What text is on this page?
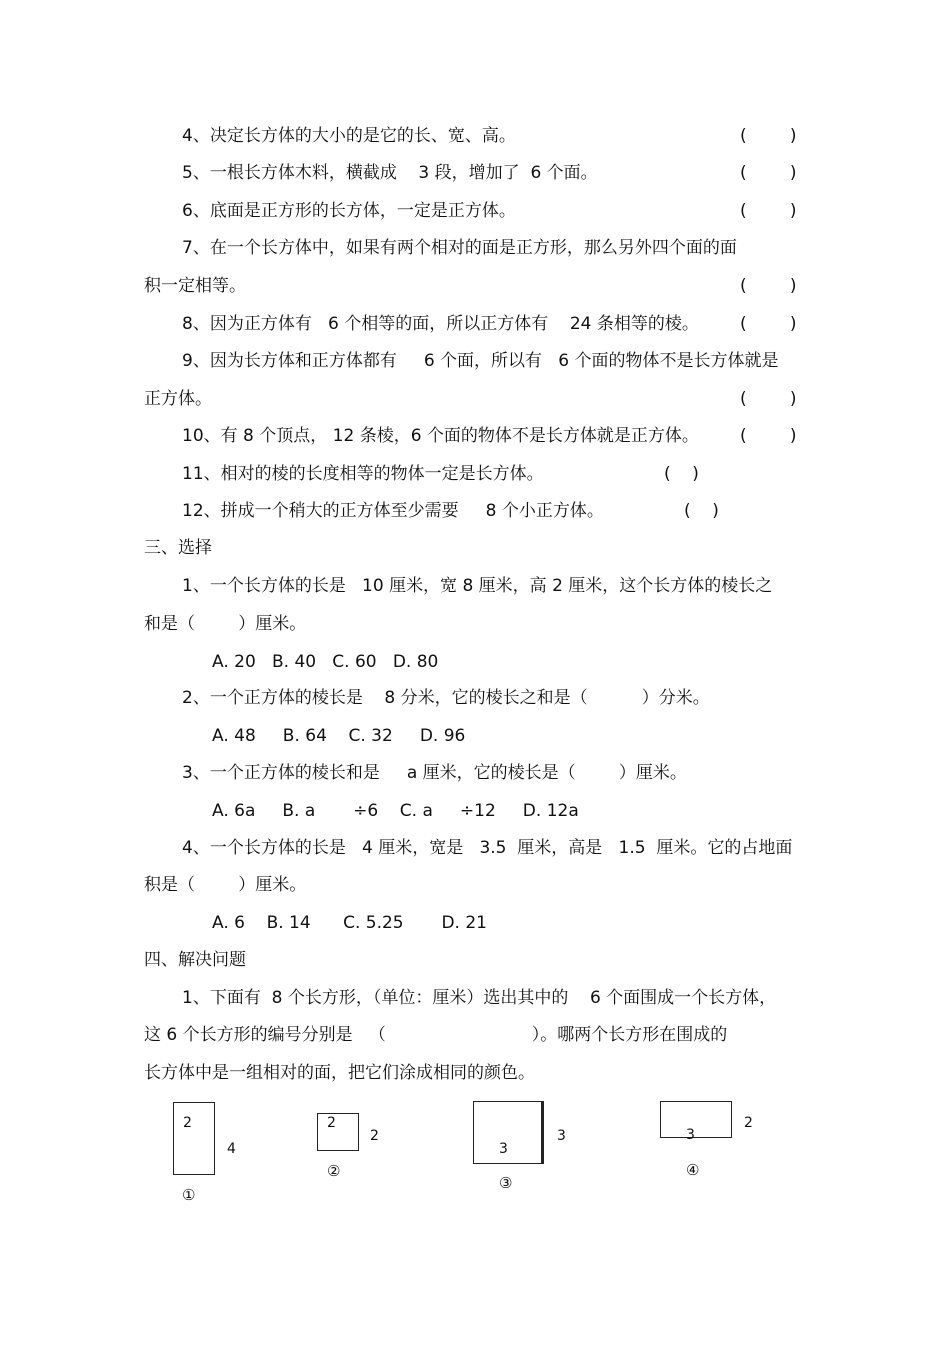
4、决定长方体的大小的是它的长、宽、高。	(        )
5、一根长方体木料，横截成    3 段，增加了  6 个面。	(        )
6、底面是正方形的长方体，一定是正方体。	(        )
7、在一个长方体中，如果有两个相对的面是正方形，那么另外四个面的面
积一定相等。	(        )
8、因为正方体有   6 个相等的面，所以正方体有    24 条相等的棱。 (        )
9、因为长方体和正方体都有     6 个面，所以有   6 个面的物体不是长方体就是
正方体。	(        )
10、有 8 个顶点， 12 条棱，6 个面的物体不是长方体就是正方体。 (        )
11、相对的棱的长度相等的物体一定是长方体。	(    )
12、拼成一个稍大的正方体至少需要     8 个小正方体。	(    )
三、选择
1、一个长方体的长是   10 厘米，宽 8 厘米，高 2 厘米，这个长方体的棱长之
和是（        ）厘米。
A. 20   B. 40   C. 60   D. 80
2、一个正方体的棱长是    8 分米，它的棱长之和是（          ）分米。
A. 48     B. 64    C. 32     D. 96
3、一个正方体的棱长和是     a 厘米，它的棱长是（        ）厘米。
A. 6a     B. a       ÷6    C. a     ÷12     D. 12a
4、一个长方体的长是   4 厘米，宽是   3.5  厘米，高是   1.5  厘米。它的占地面
积是（        ）厘米。
A. 6    B. 14      C. 5.25       D. 21
四、解决问题
1、下面有  8 个长方形，（单位：厘米）选出其中的    6 个面围成一个长方体，
这 6 个长方形的编号分别是   （                           ）。哪两个长方形在围成的
长方体中是一组相对的面，把它们涂成相同的颜色。
2
4
①
2
2
②
3
3
③
3
2
④
